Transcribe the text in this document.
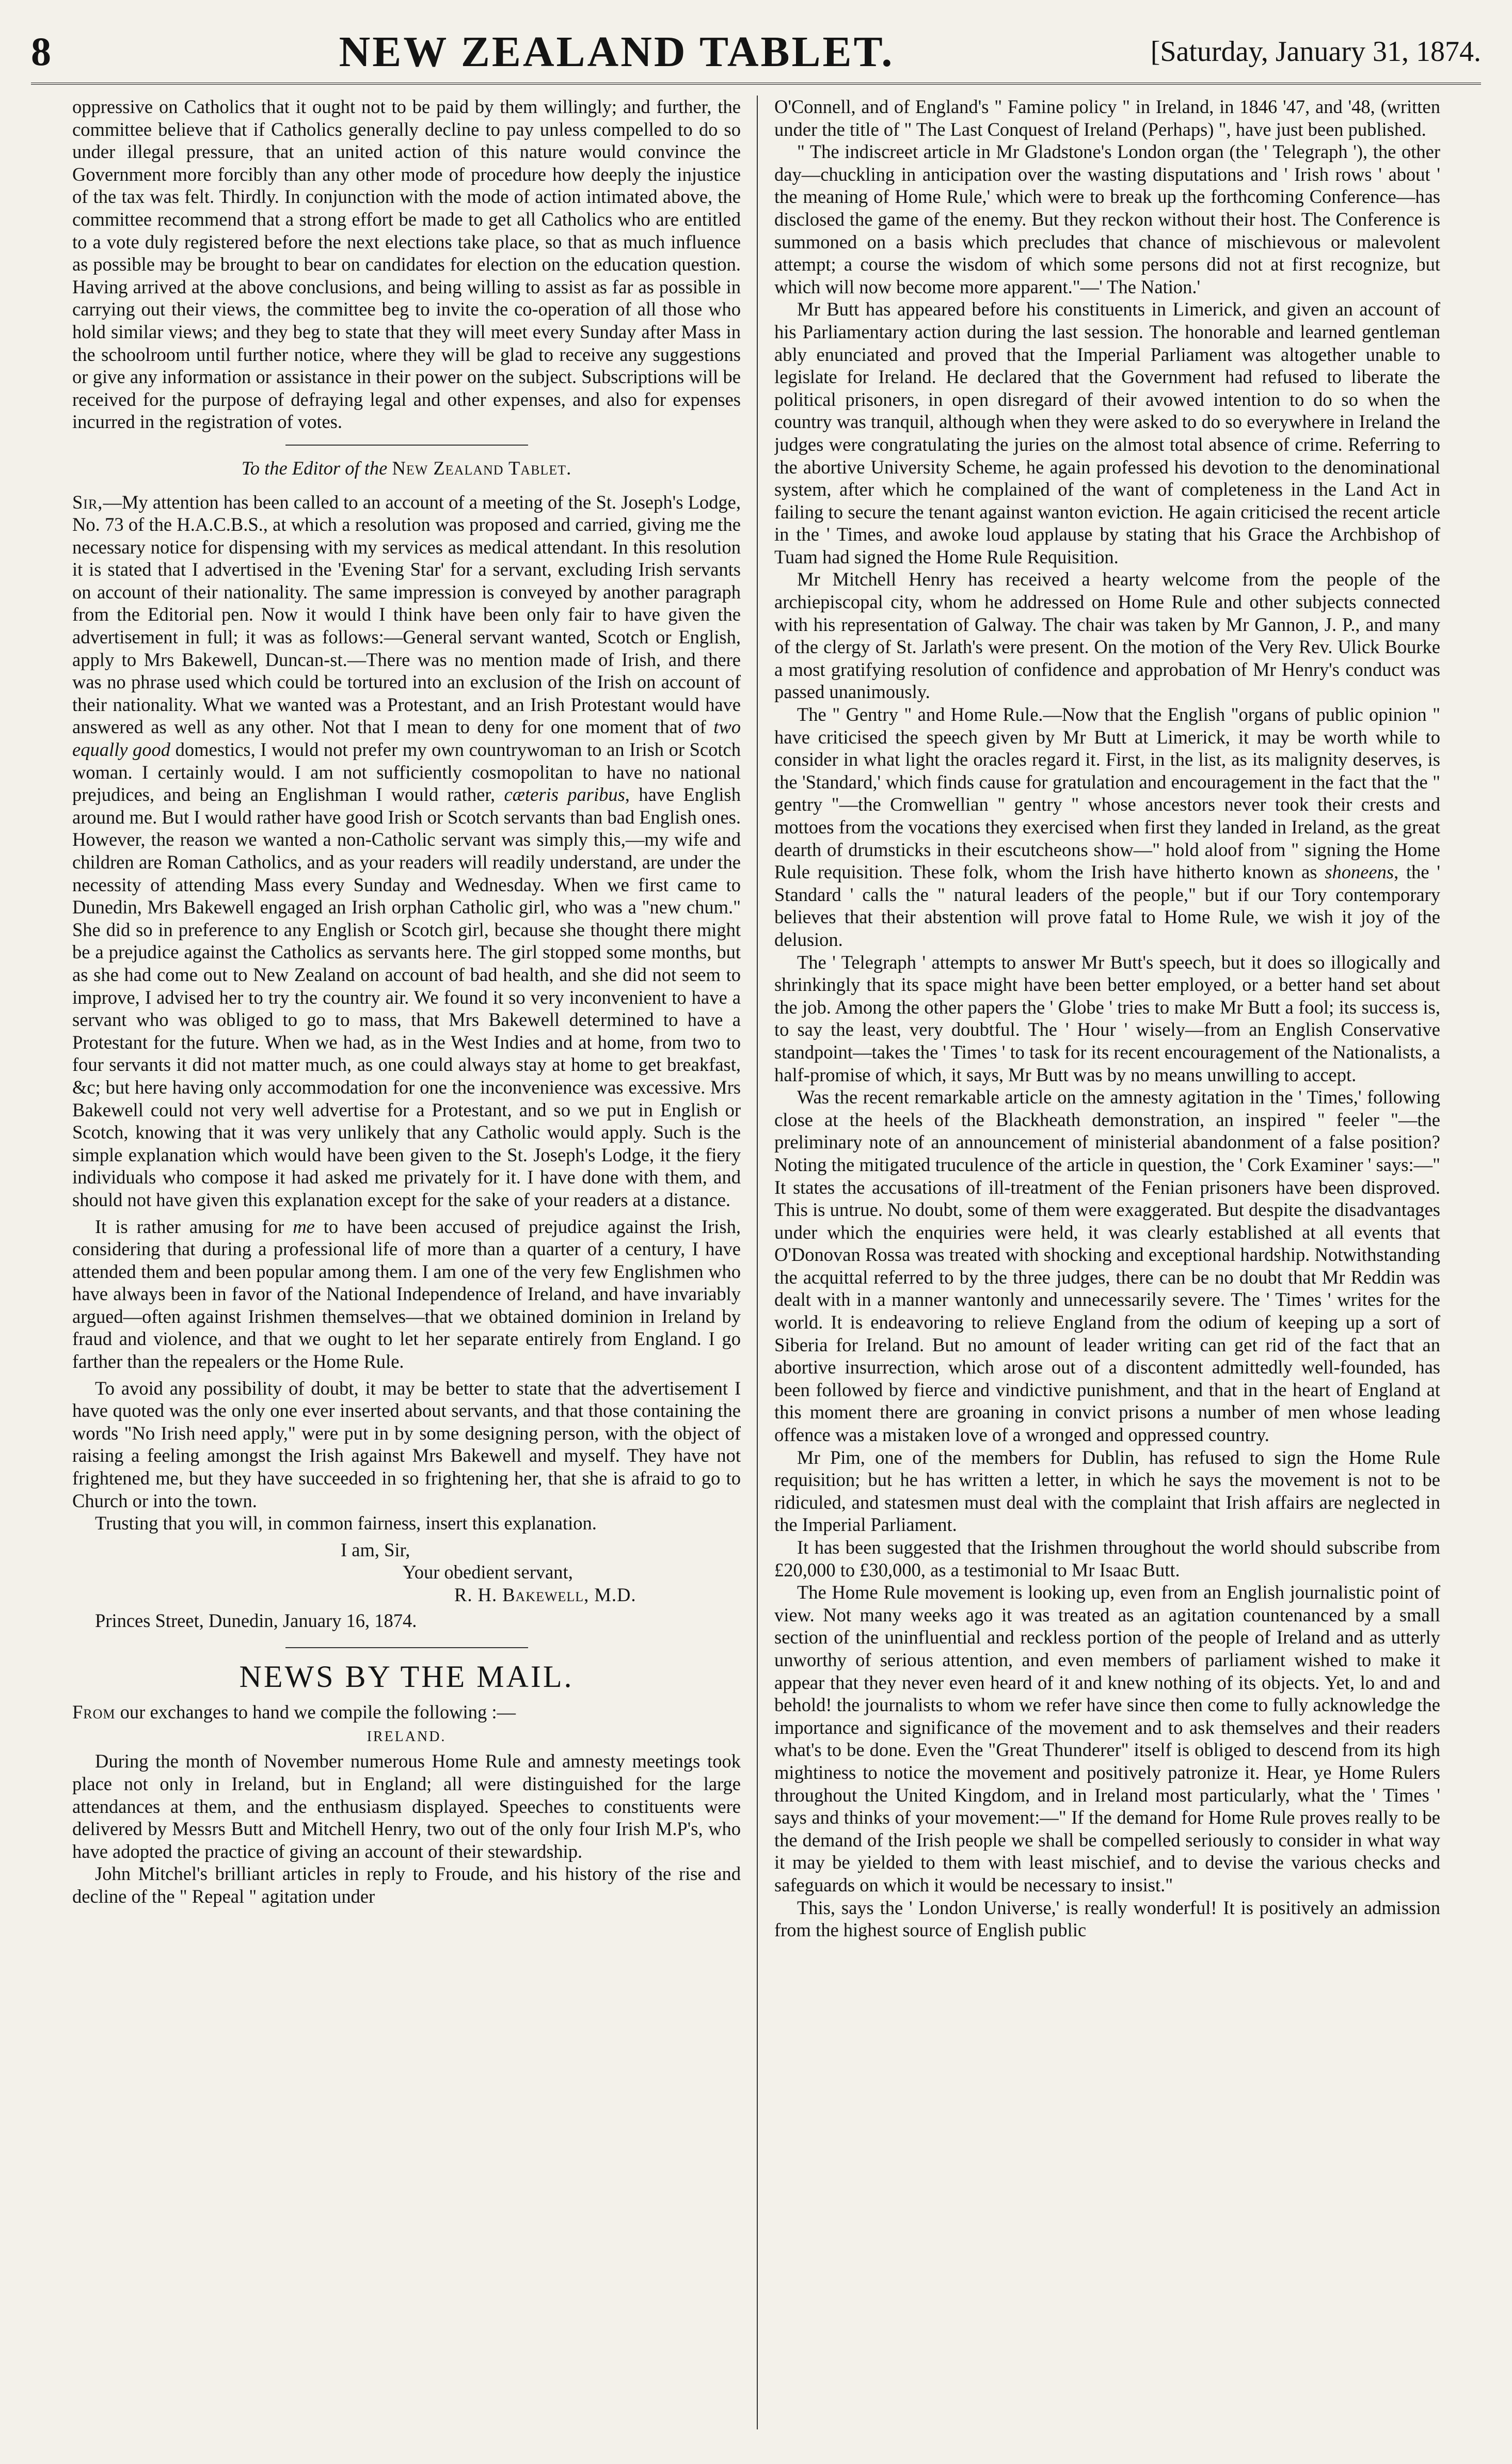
8	NEW ZEALAND TABLET.	[Saturday, January 31, 1874.

oppressive on Catholics that it ought not to be paid by them willingly; and further, the committee believe that if Catholics generally decline to pay unless compelled to do so under illegal pressure, that an united action of this nature would convince the Government more forcibly than any other mode of procedure how deeply the injustice of the tax was felt. Thirdly. In conjunction with the mode of action intimated above, the committee recommend that a strong effort be made to get all Catholics who are entitled to a vote duly registered before the next elections take place, so that as much influence as possible may be brought to bear on candidates for election on the education question. Having arrived at the above conclusions, and being willing to assist as far as possible in carrying out their views, the committee beg to invite the co-operation of all those who hold similar views; and they beg to state that they will meet every Sunday after Mass in the schoolroom until further notice, where they will be glad to receive any suggestions or give any information or assistance in their power on the subject. Subscriptions will be received for the purpose of defraying legal and other expenses, and also for expenses incurred in the registration of votes.

To the Editor of the New Zealand Tablet.

Sir,—My attention has been called to an account of a meeting of the St. Joseph's Lodge, No. 73 of the H.A.C.B.S., at which a resolution was proposed and carried, giving me the necessary notice for dispensing with my services as medical attendant. In this resolution it is stated that I advertised in the 'Evening Star' for a servant, excluding Irish servants on account of their nationality. The same impression is conveyed by another paragraph from the Editorial pen. Now it would I think have been only fair to have given the advertisement in full; it was as follows:—General servant wanted, Scotch or English, apply to Mrs Bakewell, Duncan-st.—There was no mention made of Irish, and there was no phrase used which could be tortured into an exclusion of the Irish on account of their nationality. What we wanted was a Protestant, and an Irish Protestant would have answered as well as any other. Not that I mean to deny for one moment that of two equally good domestics, I would not prefer my own countrywoman to an Irish or Scotch woman. I certainly would. I am not sufficiently cosmopolitan to have no national prejudices, and being an Englishman I would rather, cæteris paribus, have English around me. But I would rather have good Irish or Scotch servants than bad English ones. However, the reason we wanted a non-Catholic servant was simply this,—my wife and children are Roman Catholics, and as your readers will readily understand, are under the necessity of attending Mass every Sunday and Wednesday. When we first came to Dunedin, Mrs Bakewell engaged an Irish orphan Catholic girl, who was a "new chum." She did so in preference to any English or Scotch girl, because she thought there might be a prejudice against the Catholics as servants here. The girl stopped some months, but as she had come out to New Zealand on account of bad health, and she did not seem to improve, I advised her to try the country air. We found it so very inconvenient to have a servant who was obliged to go to mass, that Mrs Bakewell determined to have a Protestant for the future. When we had, as in the West Indies and at home, from two to four servants it did not matter much, as one could always stay at home to get breakfast, &c; but here having only accommodation for one the inconvenience was excessive. Mrs Bakewell could not very well advertise for a Protestant, and so we put in English or Scotch, knowing that it was very unlikely that any Catholic would apply. Such is the simple explanation which would have been given to the St. Joseph's Lodge, it the fiery individuals who compose it had asked me privately for it. I have done with them, and should not have given this explanation except for the sake of your readers at a distance.

It is rather amusing for me to have been accused of prejudice against the Irish, considering that during a professional life of more than a quarter of a century, I have attended them and been popular among them. I am one of the very few Englishmen who have always been in favor of the National Independence of Ireland, and have invariably argued—often against Irishmen themselves—that we obtained dominion in Ireland by fraud and violence, and that we ought to let her separate entirely from England. I go farther than the repealers or the Home Rule.

To avoid any possibility of doubt, it may be better to state that the advertisement I have quoted was the only one ever inserted about servants, and that those containing the words "No Irish need apply," were put in by some designing person, with the object of raising a feeling amongst the Irish against Mrs Bakewell and myself. They have not frightened me, but they have succeeded in so frightening her, that she is afraid to go to Church or into the town.

Trusting that you will, in common fairness, insert this explanation.

I am, Sir,

Your obedient servant,

R. H. Bakewell, M.D.

Princes Street, Dunedin, January 16, 1874.

NEWS BY THE MAIL.

From our exchanges to hand we compile the following :—

IRELAND.

During the month of November numerous Home Rule and amnesty meetings took place not only in Ireland, but in England; all were distinguished for the large attendances at them, and the enthusiasm displayed. Speeches to constituents were delivered by Messrs Butt and Mitchell Henry, two out of the only four Irish M.P's, who have adopted the practice of giving an account of their stewardship.

John Mitchel's brilliant articles in reply to Froude, and his history of the rise and decline of the " Repeal " agitation under

O'Connell, and of England's " Famine policy " in Ireland, in 1846 '47, and '48, (written under the title of " The Last Conquest of Ireland (Perhaps) ", have just been published.

" The indiscreet article in Mr Gladstone's London organ (the ' Telegraph '), the other day—chuckling in anticipation over the wasting disputations and ' Irish rows ' about ' the meaning of Home Rule,' which were to break up the forthcoming Conference—has disclosed the game of the enemy. But they reckon without their host. The Conference is summoned on a basis which precludes that chance of mischievous or malevolent attempt; a course the wisdom of which some persons did not at first recognize, but which will now become more apparent."—' The Nation.'

Mr Butt has appeared before his constituents in Limerick, and given an account of his Parliamentary action during the last session. The honorable and learned gentleman ably enunciated and proved that the Imperial Parliament was altogether unable to legislate for Ireland. He declared that the Government had refused to liberate the political prisoners, in open disregard of their avowed intention to do so when the country was tranquil, although when they were asked to do so everywhere in Ireland the judges were congratulating the juries on the almost total absence of crime. Referring to the abortive University Scheme, he again professed his devotion to the denominational system, after which he complained of the want of completeness in the Land Act in failing to secure the tenant against wanton eviction. He again criticised the recent article in the ' Times, and awoke loud applause by stating that his Grace the Archbishop of Tuam had signed the Home Rule Requisition.

Mr Mitchell Henry has received a hearty welcome from the people of the archiepiscopal city, whom he addressed on Home Rule and other subjects connected with his representation of Galway. The chair was taken by Mr Gannon, J. P., and many of the clergy of St. Jarlath's were present. On the motion of the Very Rev. Ulick Bourke a most gratifying resolution of confidence and approbation of Mr Henry's conduct was passed unanimously.

The " Gentry " and Home Rule.—Now that the English "organs of public opinion " have criticised the speech given by Mr Butt at Limerick, it may be worth while to consider in what light the oracles regard it. First, in the list, as its malignity deserves, is the 'Standard,' which finds cause for gratulation and encouragement in the fact that the " gentry "—the Cromwellian " gentry " whose ancestors never took their crests and mottoes from the vocations they exercised when first they landed in Ireland, as the great dearth of drumsticks in their escutcheons show—" hold aloof from " signing the Home Rule requisition. These folk, whom the Irish have hitherto known as shoneens, the ' Standard ' calls the " natural leaders of the people," but if our Tory contemporary believes that their abstention will prove fatal to Home Rule, we wish it joy of the delusion.

The ' Telegraph ' attempts to answer Mr Butt's speech, but it does so illogically and shrinkingly that its space might have been better employed, or a better hand set about the job. Among the other papers the ' Globe ' tries to make Mr Butt a fool; its success is, to say the least, very doubtful. The ' Hour ' wisely—from an English Conservative standpoint—takes the ' Times ' to task for its recent encouragement of the Nationalists, a half-promise of which, it says, Mr Butt was by no means unwilling to accept.

Was the recent remarkable article on the amnesty agitation in the ' Times,' following close at the heels of the Blackheath demonstration, an inspired " feeler "—the preliminary note of an announcement of ministerial abandonment of a false position? Noting the mitigated truculence of the article in question, the ' Cork Examiner ' says:—" It states the accusations of ill-treatment of the Fenian prisoners have been disproved. This is untrue. No doubt, some of them were exaggerated. But despite the disadvantages under which the enquiries were held, it was clearly established at all events that O'Donovan Rossa was treated with shocking and exceptional hardship. Notwithstanding the acquittal referred to by the three judges, there can be no doubt that Mr Reddin was dealt with in a manner wantonly and unnecessarily severe. The ' Times ' writes for the world. It is endeavoring to relieve England from the odium of keeping up a sort of Siberia for Ireland. But no amount of leader writing can get rid of the fact that an abortive insurrection, which arose out of a discontent admittedly well-founded, has been followed by fierce and vindictive punishment, and that in the heart of England at this moment there are groaning in convict prisons a number of men whose leading offence was a mistaken love of a wronged and oppressed country.

Mr Pim, one of the members for Dublin, has refused to sign the Home Rule requisition; but he has written a letter, in which he says the movement is not to be ridiculed, and statesmen must deal with the complaint that Irish affairs are neglected in the Imperial Parliament.

It has been suggested that the Irishmen throughout the world should subscribe from £20,000 to £30,000, as a testimonial to Mr Isaac Butt.

The Home Rule movement is looking up, even from an English journalistic point of view. Not many weeks ago it was treated as an agitation countenanced by a small section of the uninfluential and reckless portion of the people of Ireland and as utterly unworthy of serious attention, and even members of parliament wished to make it appear that they never even heard of it and knew nothing of its objects. Yet, lo and and behold! the journalists to whom we refer have since then come to fully acknowledge the importance and significance of the movement and to ask themselves and their readers what's to be done. Even the "Great Thunderer" itself is obliged to descend from its high mightiness to notice the movement and positively patronize it. Hear, ye Home Rulers throughout the United Kingdom, and in Ireland most particularly, what the ' Times ' says and thinks of your movement:—" If the demand for Home Rule proves really to be the demand of the Irish people we shall be compelled seriously to consider in what way it may be yielded to them with least mischief, and to devise the various checks and safeguards on which it would be necessary to insist."

This, says the ' London Universe,' is really wonderful! It is positively an admission from the highest source of English public
